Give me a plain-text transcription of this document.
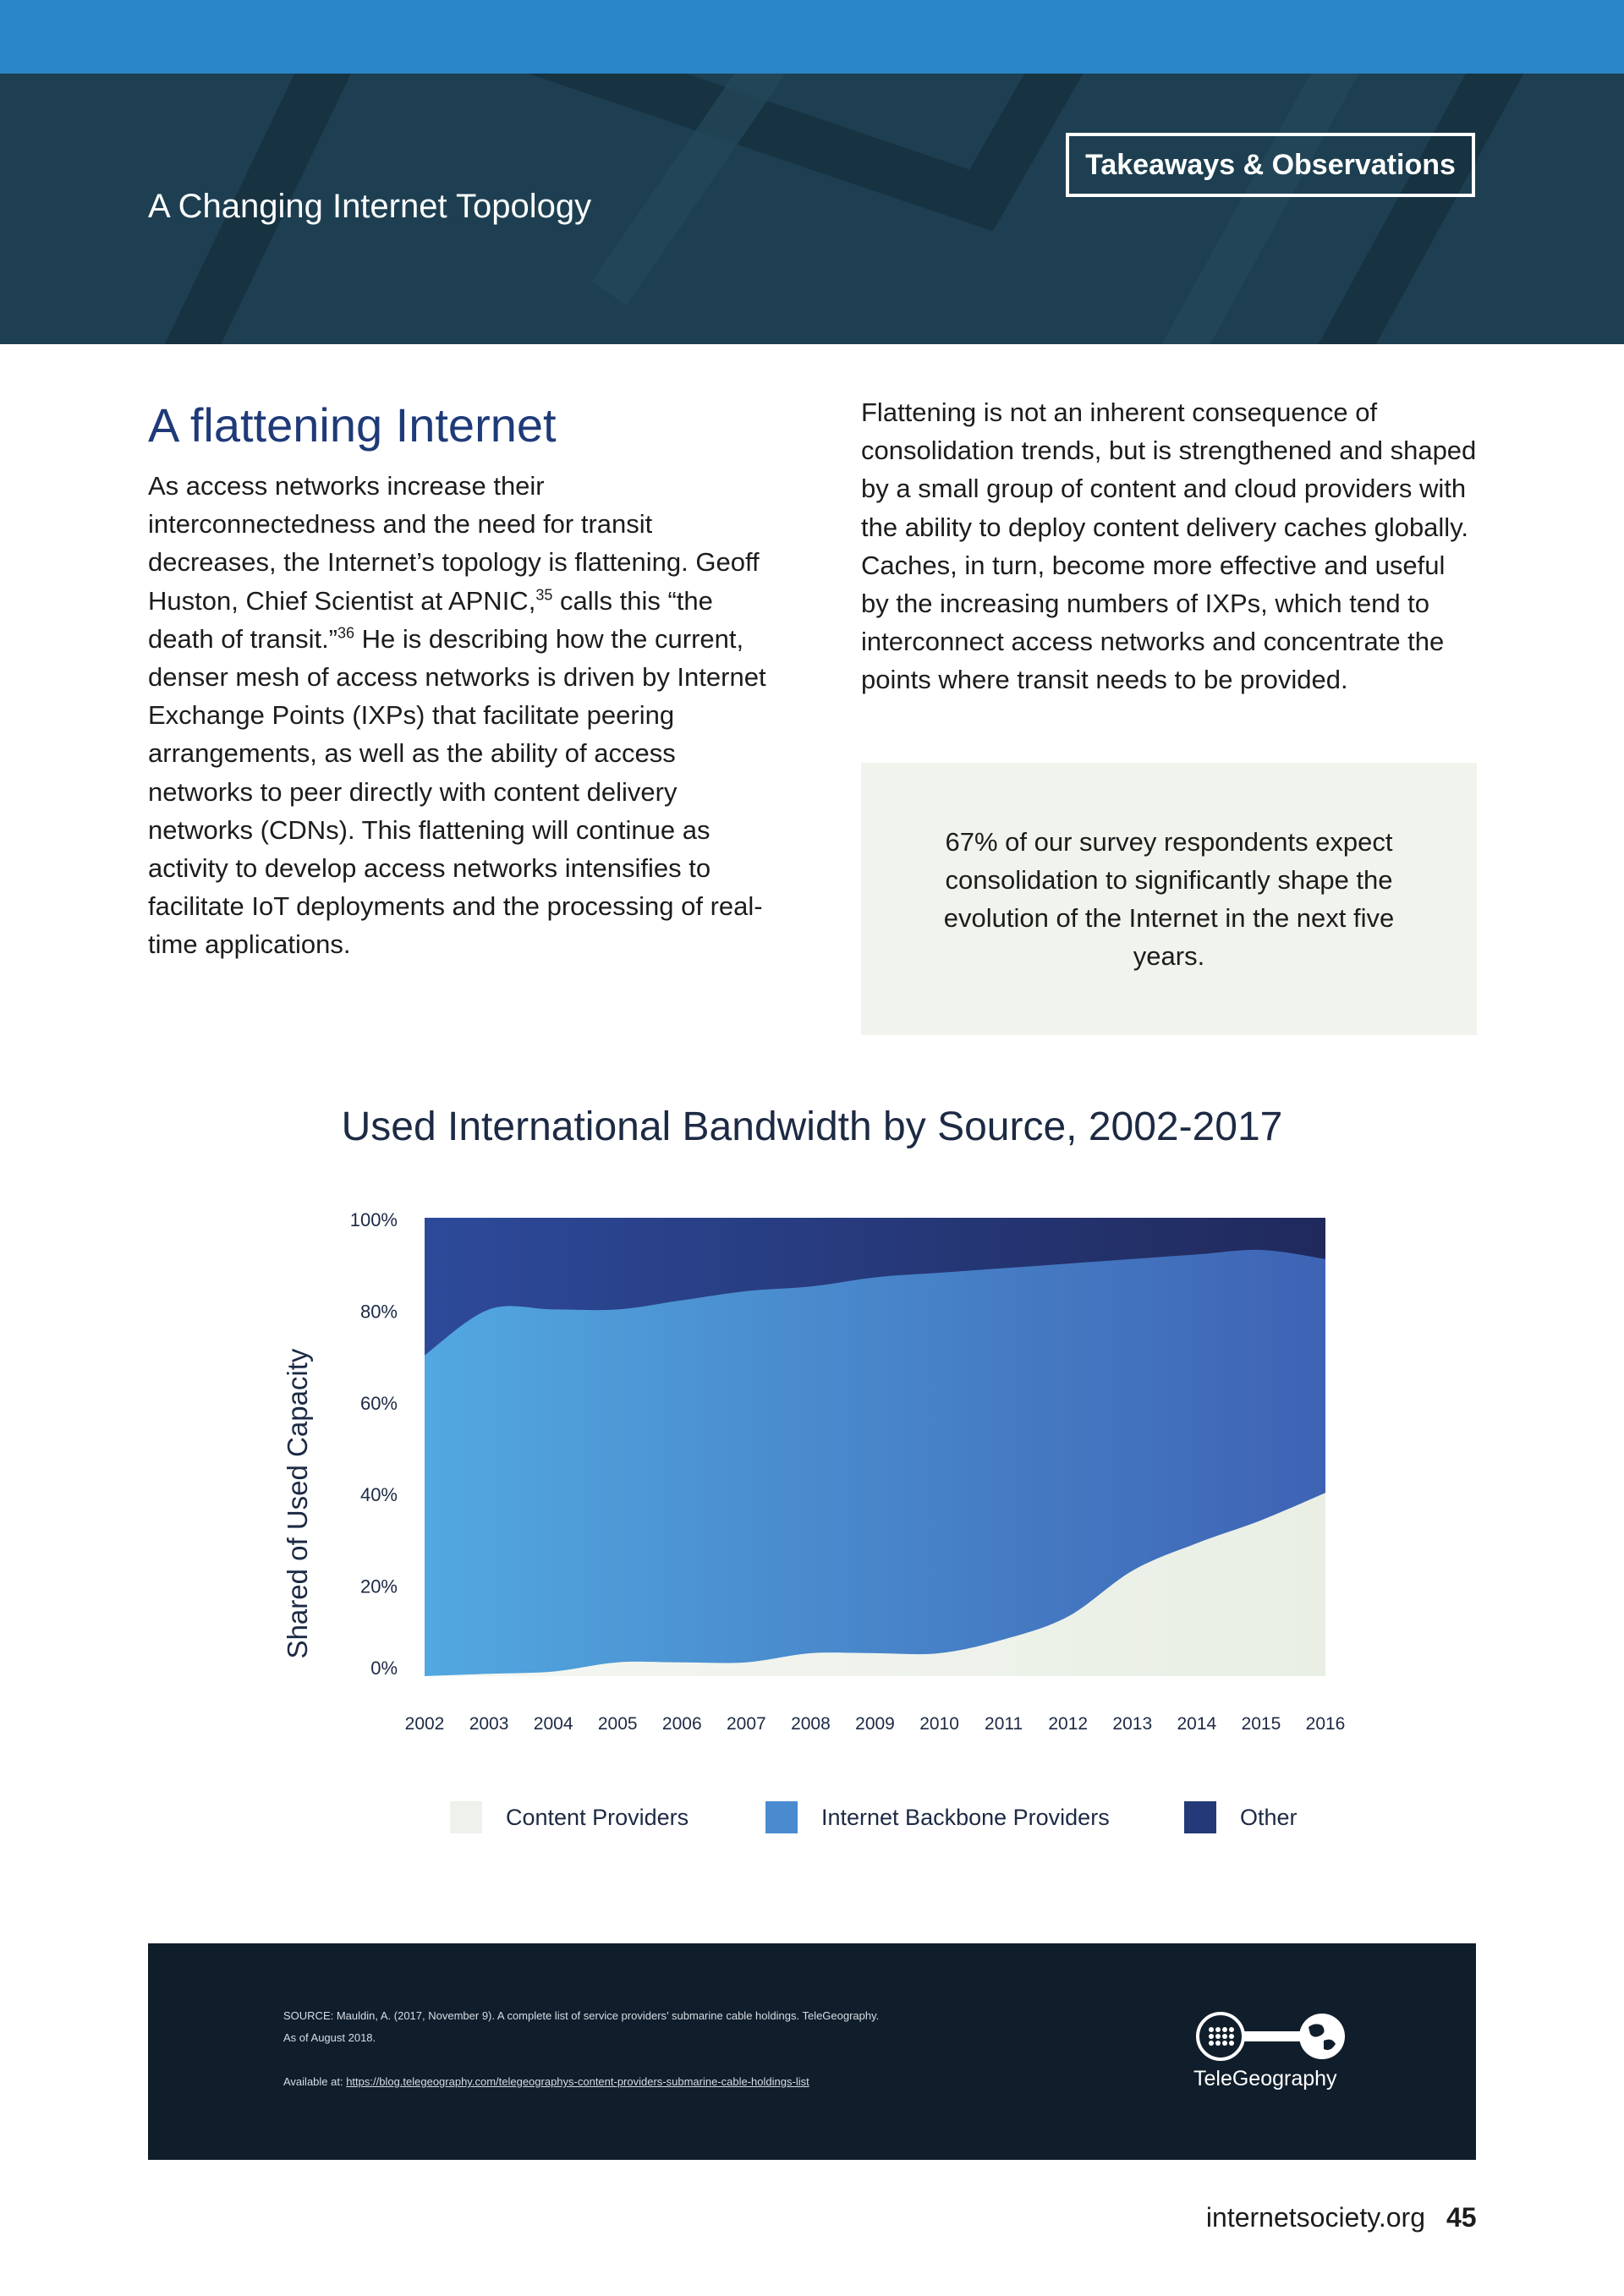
A Changing Internet Topology
Takeaways & Observations
A flattening Internet
As access networks increase their interconnectedness and the need for transit decreases, the Internet’s topology is flattening. Geoff Huston, Chief Scientist at APNIC,$^{35}$ calls this “the death of transit.”$^{36}$ He is describing how the current, denser mesh of access networks is driven by Internet Exchange Points (IXPs) that facilitate peering arrangements, as well as the ability of access networks to peer directly with content delivery networks (CDNs). This flattening will continue as activity to develop access networks intensifies to facilitate IoT deployments and the processing of real-time applications.
Flattening is not an inherent consequence of consolidation trends, but is strengthened and shaped by a small group of content and cloud providers with the ability to deploy content delivery caches globally. Caches, in turn, become more effective and useful by the increasing numbers of IXPs, which tend to interconnect access networks and concentrate the points where transit needs to be provided.
67% of our survey respondents expect consolidation to significantly shape the evolution of the Internet in the next five years.
Used International Bandwidth by Source, 2002-2017
Shared of Used Capacity
0%
20%
40%
60%
80%
100%
2002 2003 2004 2005 2006 2007 2008 2009 2010 2011 2012 2013 2014 2015 2016
Content Providers	Internet Backbone Providers	Other
SOURCE: Mauldin, A. (2017, November 9). A complete list of service providers’ submarine cable holdings. TeleGeography.
As of August 2018.
Available at: https://blog.telegeography.com/telegeographys-content-providers-submarine-cable-holdings-list	TeleGeography
internetsociety.org 45
